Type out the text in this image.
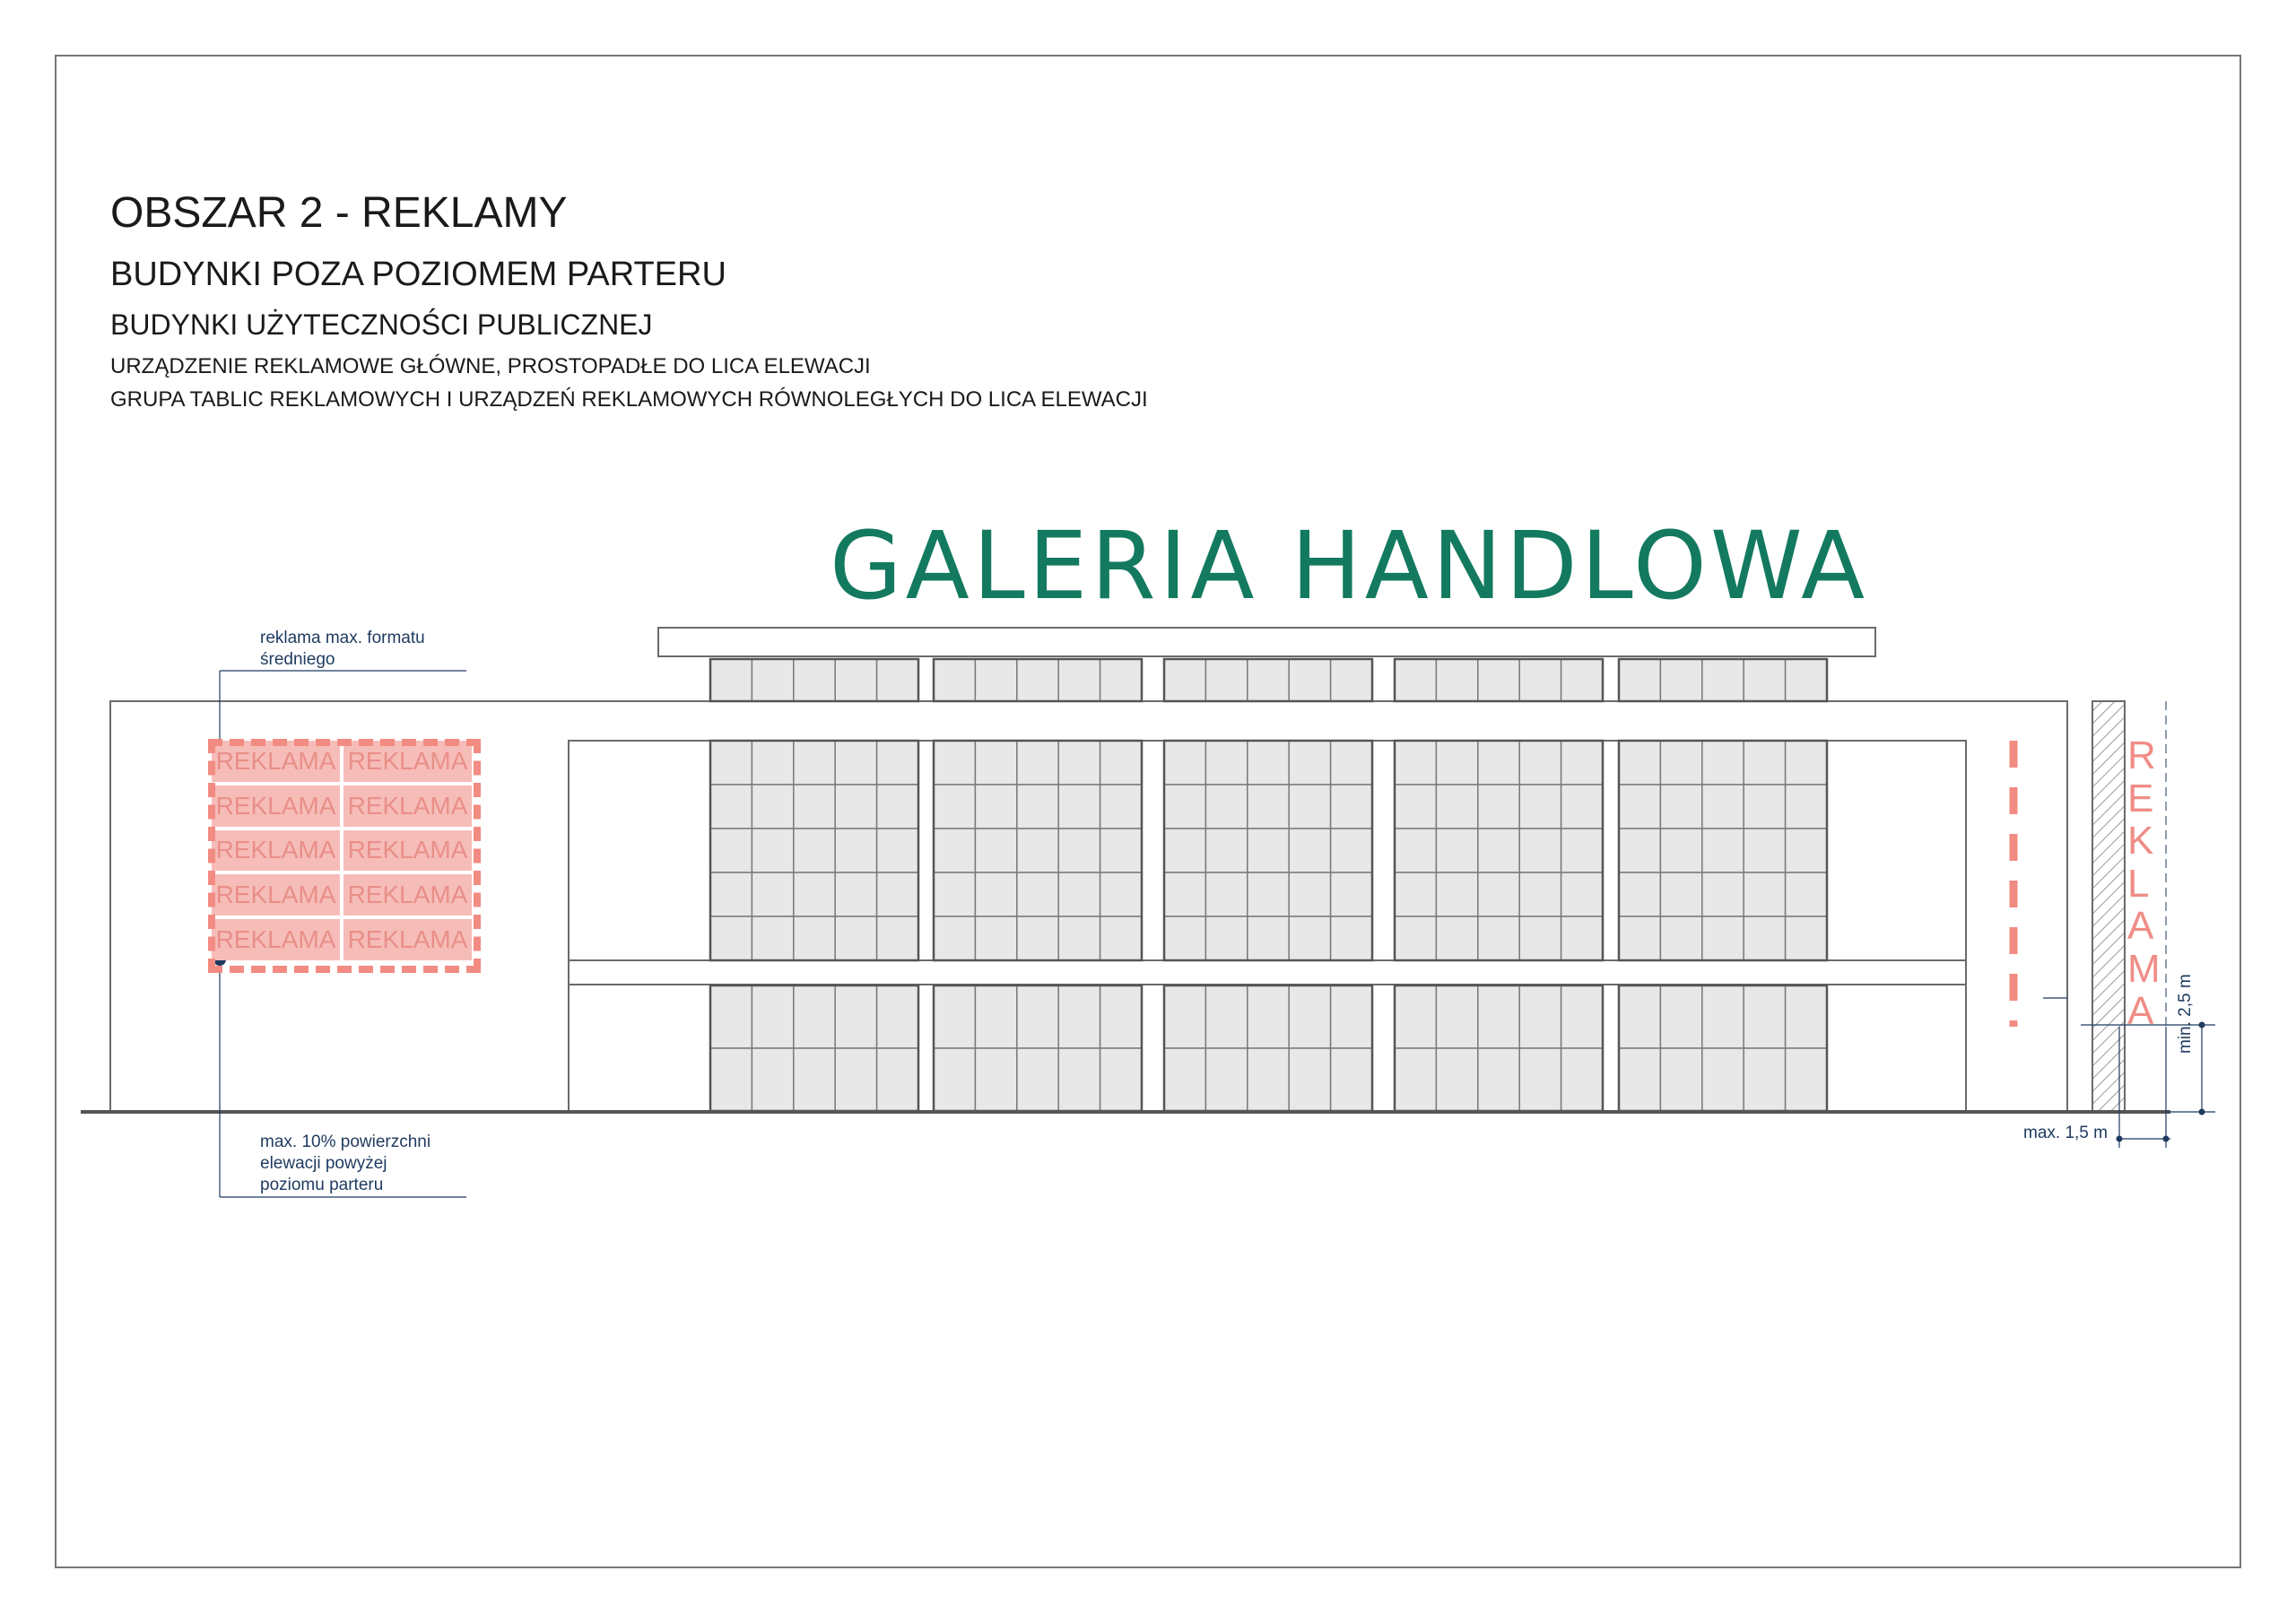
OBSZAR 2 - REKLAMY
BUDYNKI POZA POZIOMEM PARTERU
BUDYNKI UŻYTECZNOŚCI PUBLICZNEJ
URZĄDZENIE REKLAMOWE GŁÓWNE, PROSTOPADŁE DO LICA ELEWACJI
GRUPA TABLIC REKLAMOWYCH I URZĄDZEŃ REKLAMOWYCH RÓWNOLEGŁYCH DO LICA ELEWACJI
GALERIA HANDLOWA
reklama max. formatu
średniego
max. 10% powierzchni
elewacji powyżej
poziomu parteru
max. 1,5 m
min. 2,5 m
REKLAMA REKLAMA
REKLAMA REKLAMA
REKLAMA REKLAMA
REKLAMA REKLAMA
REKLAMA REKLAMA
R
E
K
L
A
M
A
